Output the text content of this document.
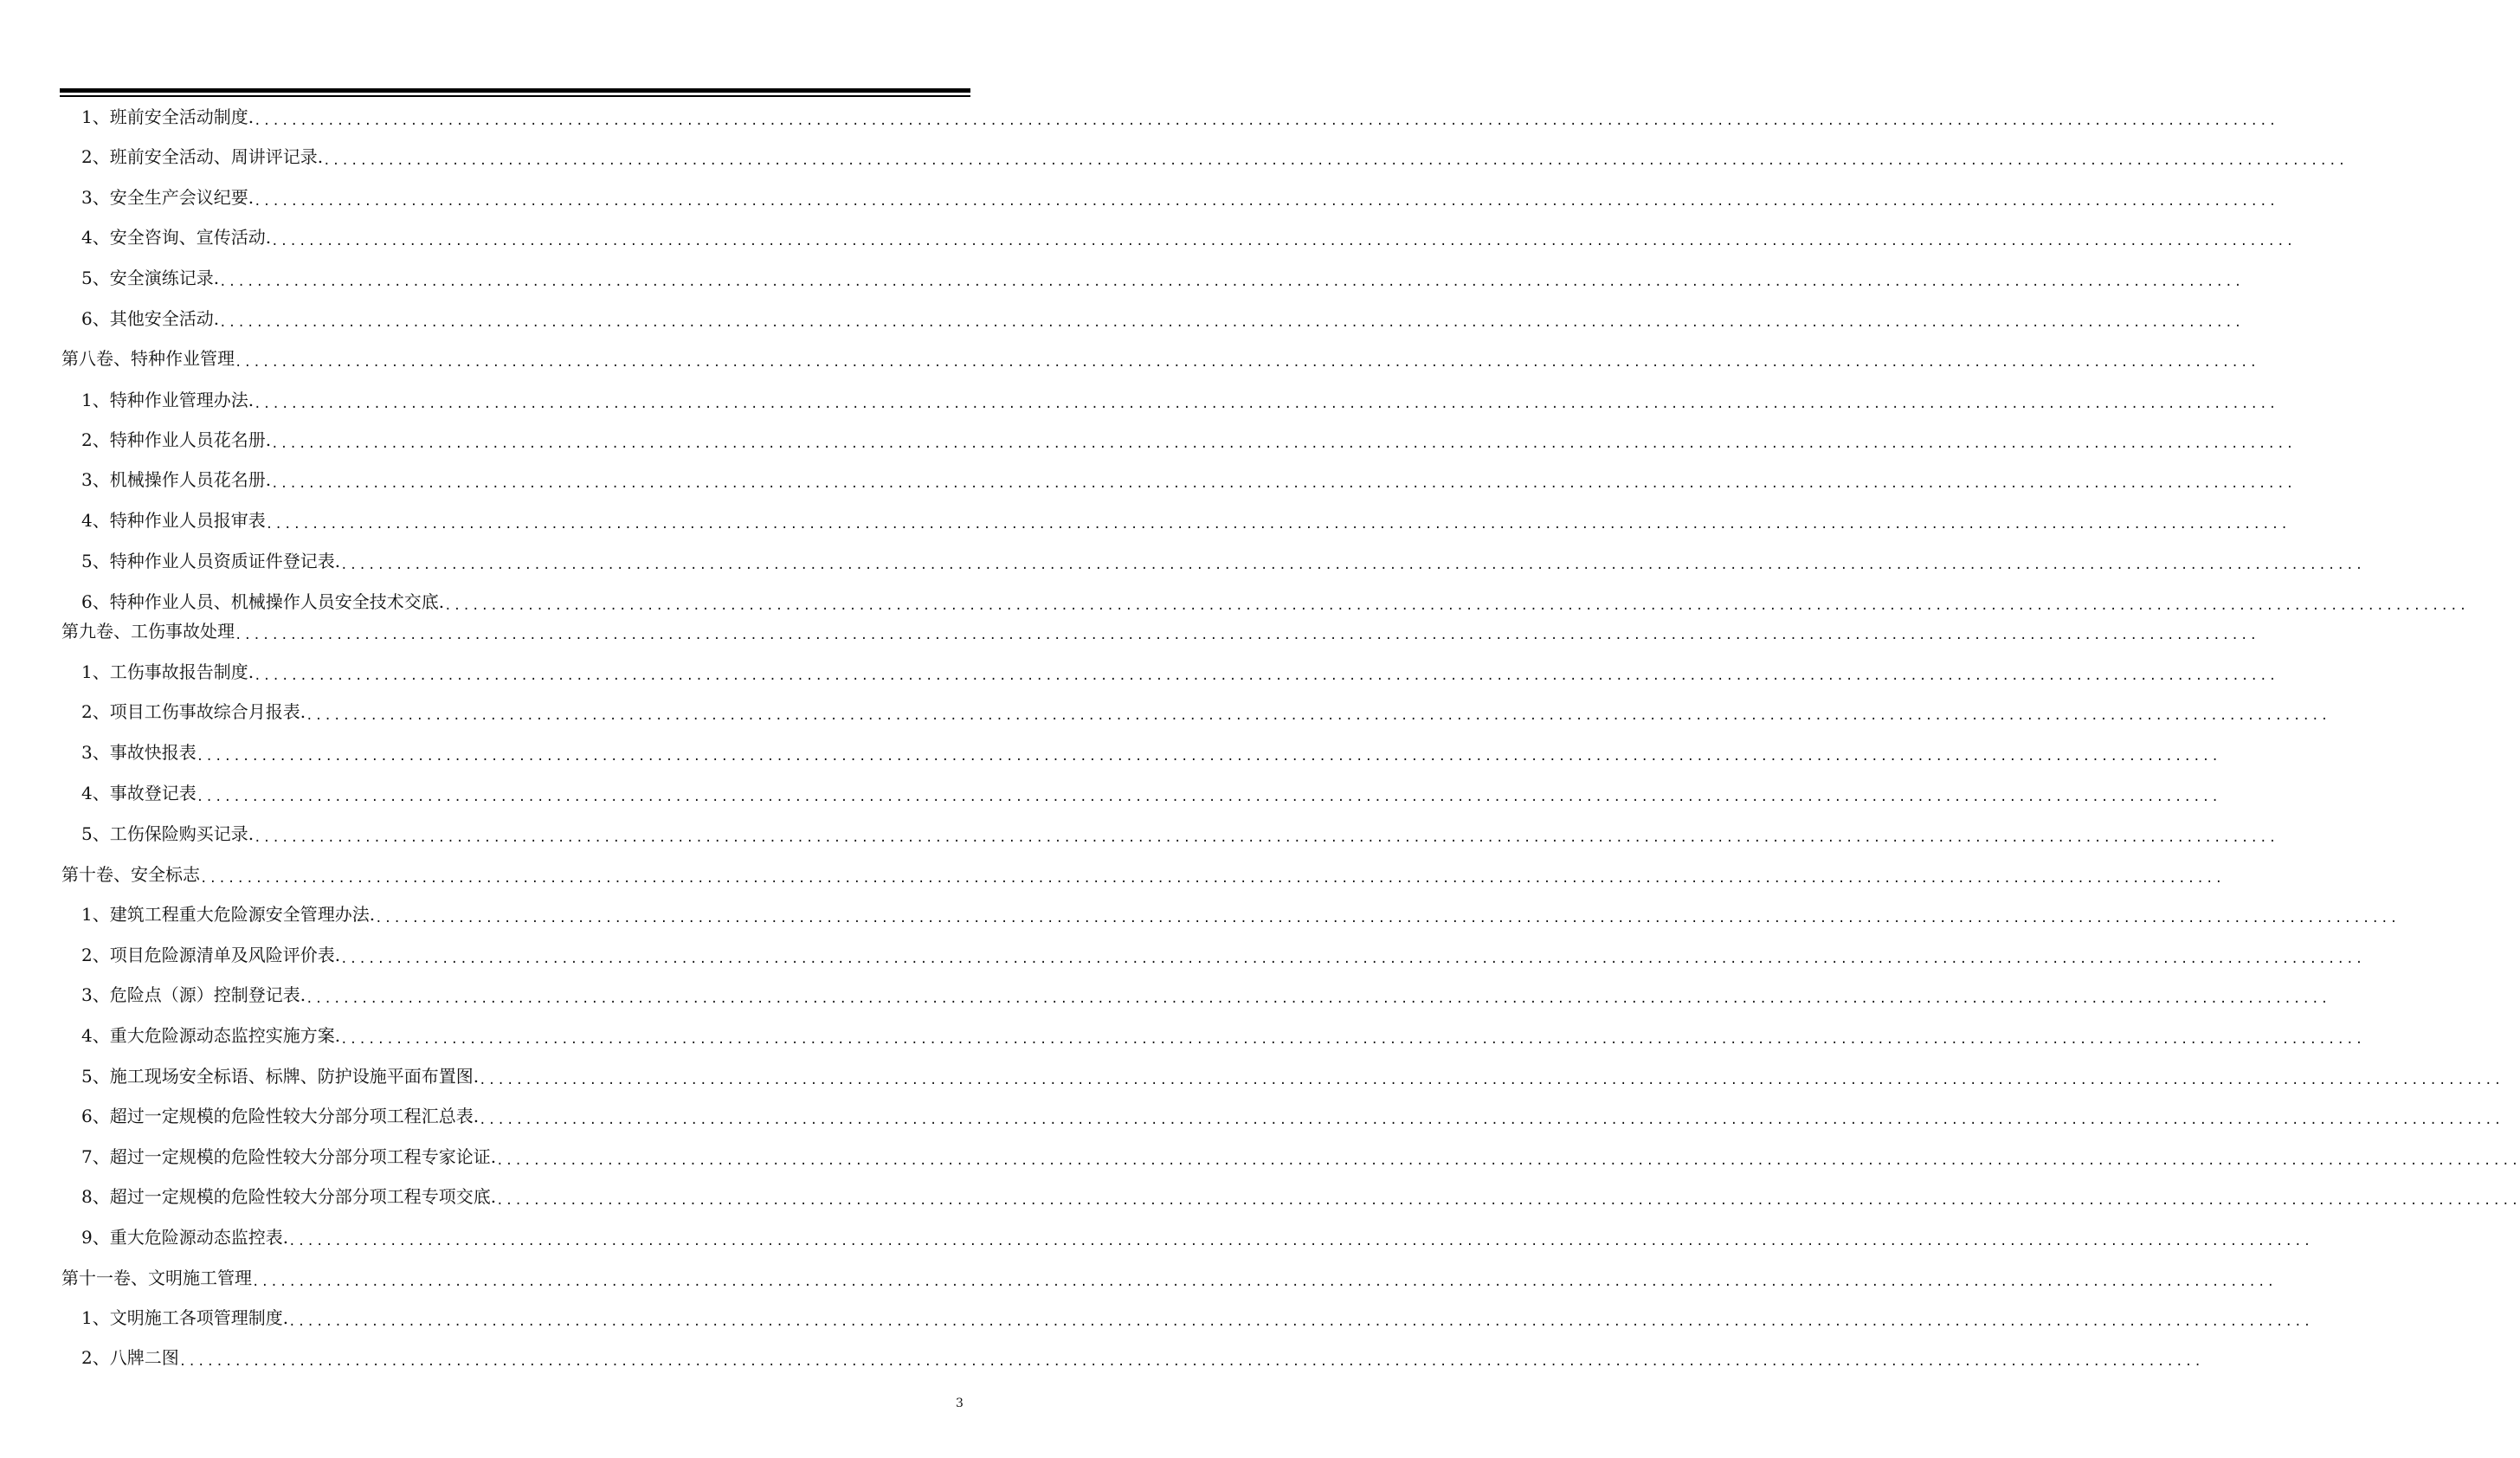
1、班前安全活动制度. ............................................................................................................................................................................................................................
2、班前安全活动、周讲评记录. ............................................................................................................................................................................................................................
3、安全生产会议纪要. ............................................................................................................................................................................................................................
4、安全咨询、宣传活动. ............................................................................................................................................................................................................................
5、安全演练记录. ............................................................................................................................................................................................................................
6、其他安全活动. ............................................................................................................................................................................................................................
第八卷、特种作业管理 ............................................................................................................................................................................................................................
1、特种作业管理办法. ............................................................................................................................................................................................................................
2、特种作业人员花名册. ............................................................................................................................................................................................................................
3、机械操作人员花名册. ............................................................................................................................................................................................................................
4、特种作业人员报审表 ............................................................................................................................................................................................................................
5、特种作业人员资质证件登记表. ............................................................................................................................................................................................................................
6、特种作业人员、机械操作人员安全技术交底. ............................................................................................................................................................................................................................
第九卷、工伤事故处理 ............................................................................................................................................................................................................................
1、工伤事故报告制度. ............................................................................................................................................................................................................................
2、项目工伤事故综合月报表. ............................................................................................................................................................................................................................
3、事故快报表 ............................................................................................................................................................................................................................
4、事故登记表 ............................................................................................................................................................................................................................
5、工伤保险购买记录. ............................................................................................................................................................................................................................
第十卷、安全标志 ............................................................................................................................................................................................................................
1、建筑工程重大危险源安全管理办法. ............................................................................................................................................................................................................................
2、项目危险源清单及风险评价表. ............................................................................................................................................................................................................................
3、危险点（源）控制登记表. ............................................................................................................................................................................................................................
4、重大危险源动态监控实施方案. ............................................................................................................................................................................................................................
5、施工现场安全标语、标牌、防护设施平面布置图. ............................................................................................................................................................................................................................
6、超过一定规模的危险性较大分部分项工程汇总表. ............................................................................................................................................................................................................................
7、超过一定规模的危险性较大分部分项工程专家论证. ............................................................................................................................................................................................................................
8、超过一定规模的危险性较大分部分项工程专项交底. ............................................................................................................................................................................................................................
9、重大危险源动态监控表. ............................................................................................................................................................................................................................
第十一卷、文明施工管理 ............................................................................................................................................................................................................................
1、文明施工各项管理制度. ............................................................................................................................................................................................................................
2、八牌二图 ............................................................................................................................................................................................................................
3
